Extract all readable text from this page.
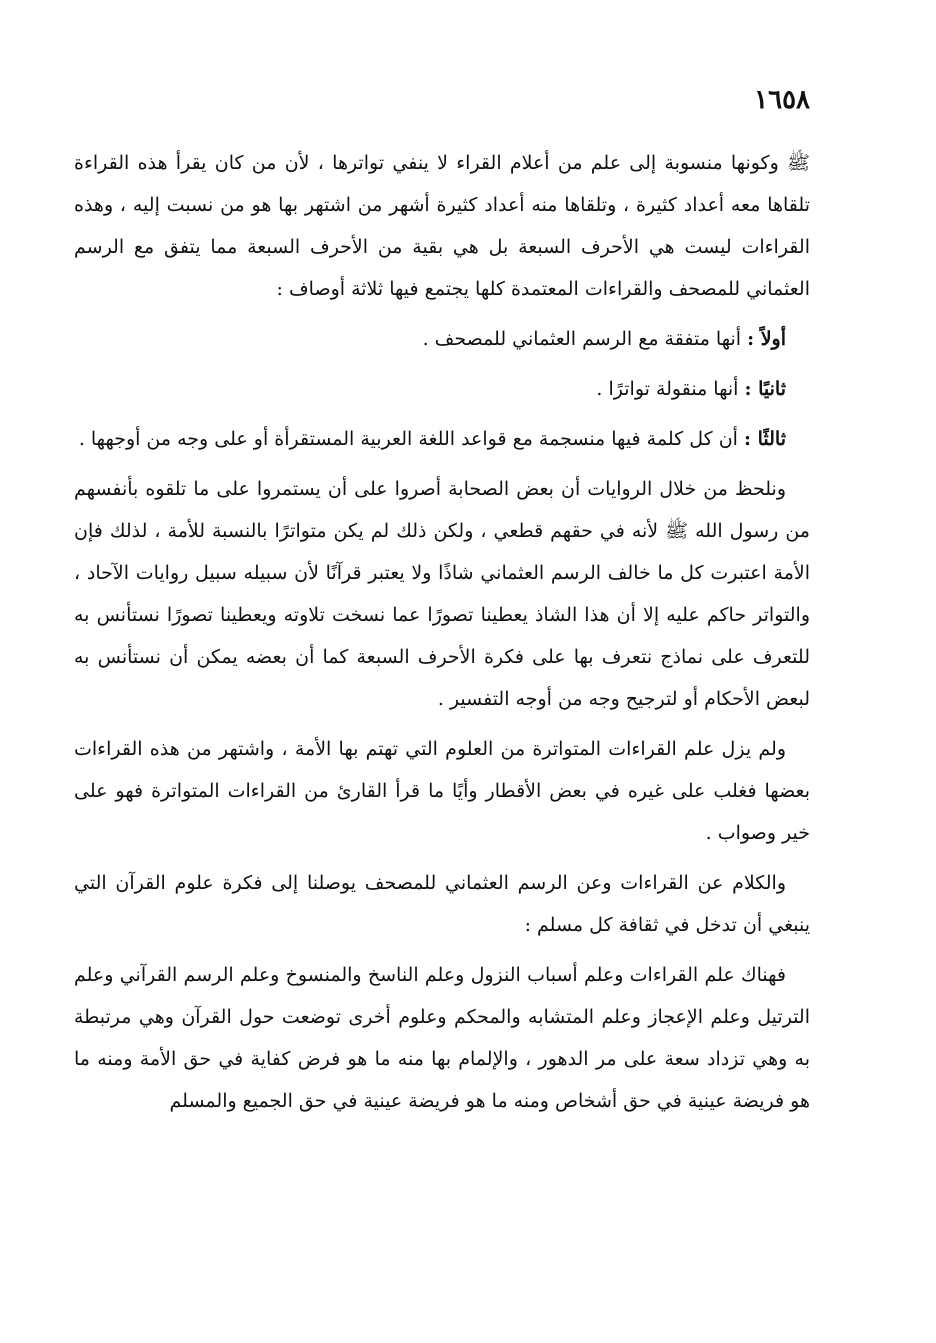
١٦٥٨

ﷺ وكونها منسوبة إلى علم من أعلام القراء لا ينفي تواترها ، لأن من كان يقرأ هذه القراءة تلقاها معه أعداد كثيرة ، وتلقاها منه أعداد كثيرة أشهر من اشتهر بها هو من نسبت إليه ، وهذه القراءات ليست هي الأحرف السبعة بل هي بقية من الأحرف السبعة مما يتفق مع الرسم العثماني للمصحف والقراءات المعتمدة كلها يجتمع فيها ثلاثة أوصاف :

أولاً : أنها متفقة مع الرسم العثماني للمصحف .

ثانيًا : أنها منقولة تواترًا .

ثالثًا : أن كل كلمة فيها منسجمة مع قواعد اللغة العربية المستقرأة أو على وجه من أوجهها .

ونلحظ من خلال الروايات أن بعض الصحابة أصروا على أن يستمروا على ما تلقوه بأنفسهم من رسول الله ﷺ لأنه في حقهم قطعي ، ولكن ذلك لم يكن متواترًا بالنسبة للأمة ، لذلك فإن الأمة اعتبرت كل ما خالف الرسم العثماني شاذًا ولا يعتبر قرآنًا لأن سبيله سبيل روايات الآحاد ، والتواتر حاكم عليه إلا أن هذا الشاذ يعطينا تصورًا عما نسخت تلاوته ويعطينا تصورًا نستأنس به للتعرف على نماذج نتعرف بها على فكرة الأحرف السبعة كما أن بعضه يمكن أن نستأنس به لبعض الأحكام أو لترجيح وجه من أوجه التفسير .

ولم يزل علم القراءات المتواترة من العلوم التي تهتم بها الأمة ، واشتهر من هذه القراءات بعضها فغلب على غيره في بعض الأقطار وأيًا ما قرأ القارئ من القراءات المتواترة فهو على خير وصواب .

والكلام عن القراءات وعن الرسم العثماني للمصحف يوصلنا إلى فكرة علوم القرآن التي ينبغي أن تدخل في ثقافة كل مسلم :

فهناك علم القراءات وعلم أسباب النزول وعلم الناسخ والمنسوخ وعلم الرسم القرآني وعلم الترتيل وعلم الإعجاز وعلم المتشابه والمحكم وعلوم أخرى توضعت حول القرآن وهي مرتبطة به وهي تزداد سعة على مر الدهور ، والإلمام بها منه ما هو فرض كفاية في حق الأمة ومنه ما هو فريضة عينية في حق أشخاص ومنه ما هو فريضة عينية في حق الجميع والمسلم
